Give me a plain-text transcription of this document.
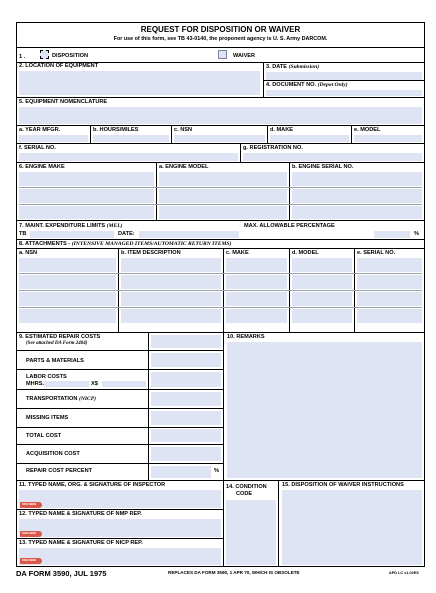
REQUEST FOR DISPOSITION OR WAIVER
For use of this form, see TB 43-0140, the proponent agency is U. S. Army DARCOM.
1 .	DISPOSITION	WAIVER
2. LOCATION OF EQUIPMENT	3. DATE (Submission)
4. DOCUMENT NO. (Depot Only)
5. EQUIPMENT NOMENCLATURE
a. YEAR MFGR.	b. HOURS/MILES	c. NSN	d. MAKE	e. MODEL
f. SERIAL NO.	g. REGISTRATION NO.
6. ENGINE MAKE	a. ENGINE MODEL	b. ENGINE SERIAL NO.
7. MAINT. EXPENDITURE LIMITS (MEL)
TB	DATE:
MAX. ALLOWABLE PERCENTAGE
%
8. ATTACHMENTS - (INTENSIVE MANAGED ITEMS/AUTOMATIC RETURN ITEMS)
a. NSN	b. ITEM DESCRIPTION	c. MAKE	d. MODEL	e. SERIAL NO.
9. ESTIMATED REPAIR COSTS
(See attached DA Form 2404)
PARTS & MATERIALS
LABOR COSTS
MHRS.	X$
TRANSPORTATION (NICP)
MISSING ITEMS
TOTAL COST
ACQUISITION COST
REPAIR COST PERCENT	%
10. REMARKS
11. TYPED NAME, ORG. & SIGNATURE OF INSPECTOR
SIGN HERE
12. TYPED NAME & SIGNATURE OF NMP REP.
SIGN HERE
13. TYPED NAME & SIGNATURE OF NICP REP.
SIGN HERE
14. CONDITION
CODE
15. DISPOSITION OF WAIVER INSTRUCTIONS
DA FORM 3590, JUL 1975	REPLACES DA FORM 3590, 1 APR 70, WHICH IS OBSOLETE	APD LC v1.02ES
